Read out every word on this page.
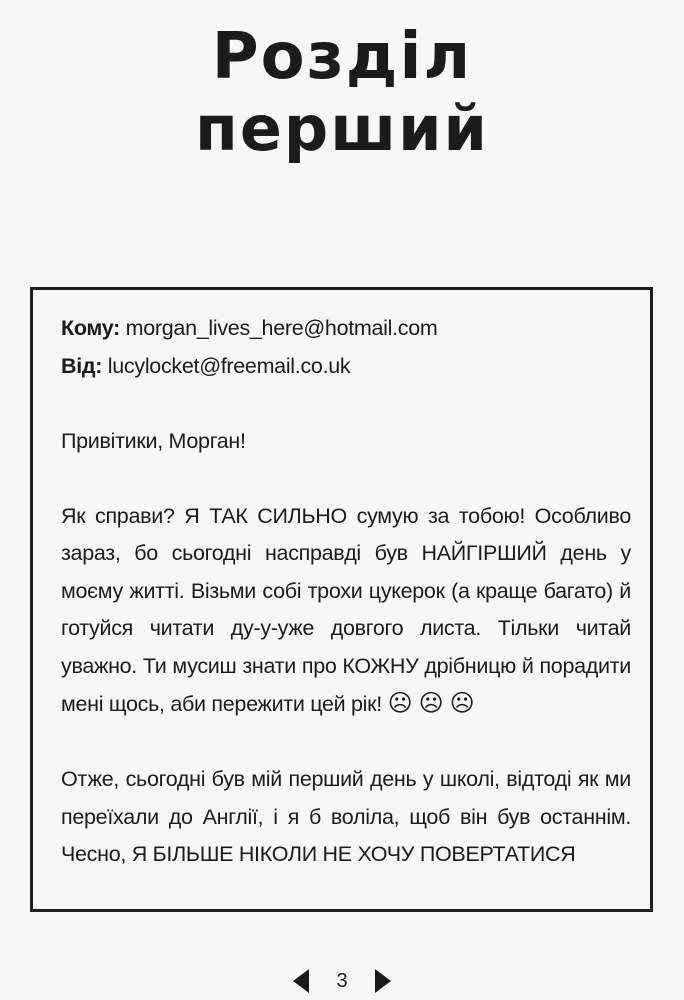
Розділ
перший

Кому: morgan_lives_here@hotmail.com

Від: lucylocket@freemail.co.uk

Привітики, Морган!

Як справи? Я ТАК СИЛЬНО сумую за тобою! Особливо зараз, бо сьогодні насправді був НАЙГІРШИЙ день у моєму житті. Візьми собі трохи цукерок (а краще багато) й готуйся читати ду-у-уже довгого листа. Тільки читай уважно. Ти мусиш знати про КОЖНУ дрібницю й порадити мені щось, аби пережити цей рік! ☹☹☹

Отже, сьогодні був мій перший день у школі, відтоді як ми переїхали до Англії, і я б воліла, щоб він був останнім. Чесно, Я БІЛЬШЕ НІКОЛИ НЕ ХОЧУ ПОВЕРТАТИСЯ

3
